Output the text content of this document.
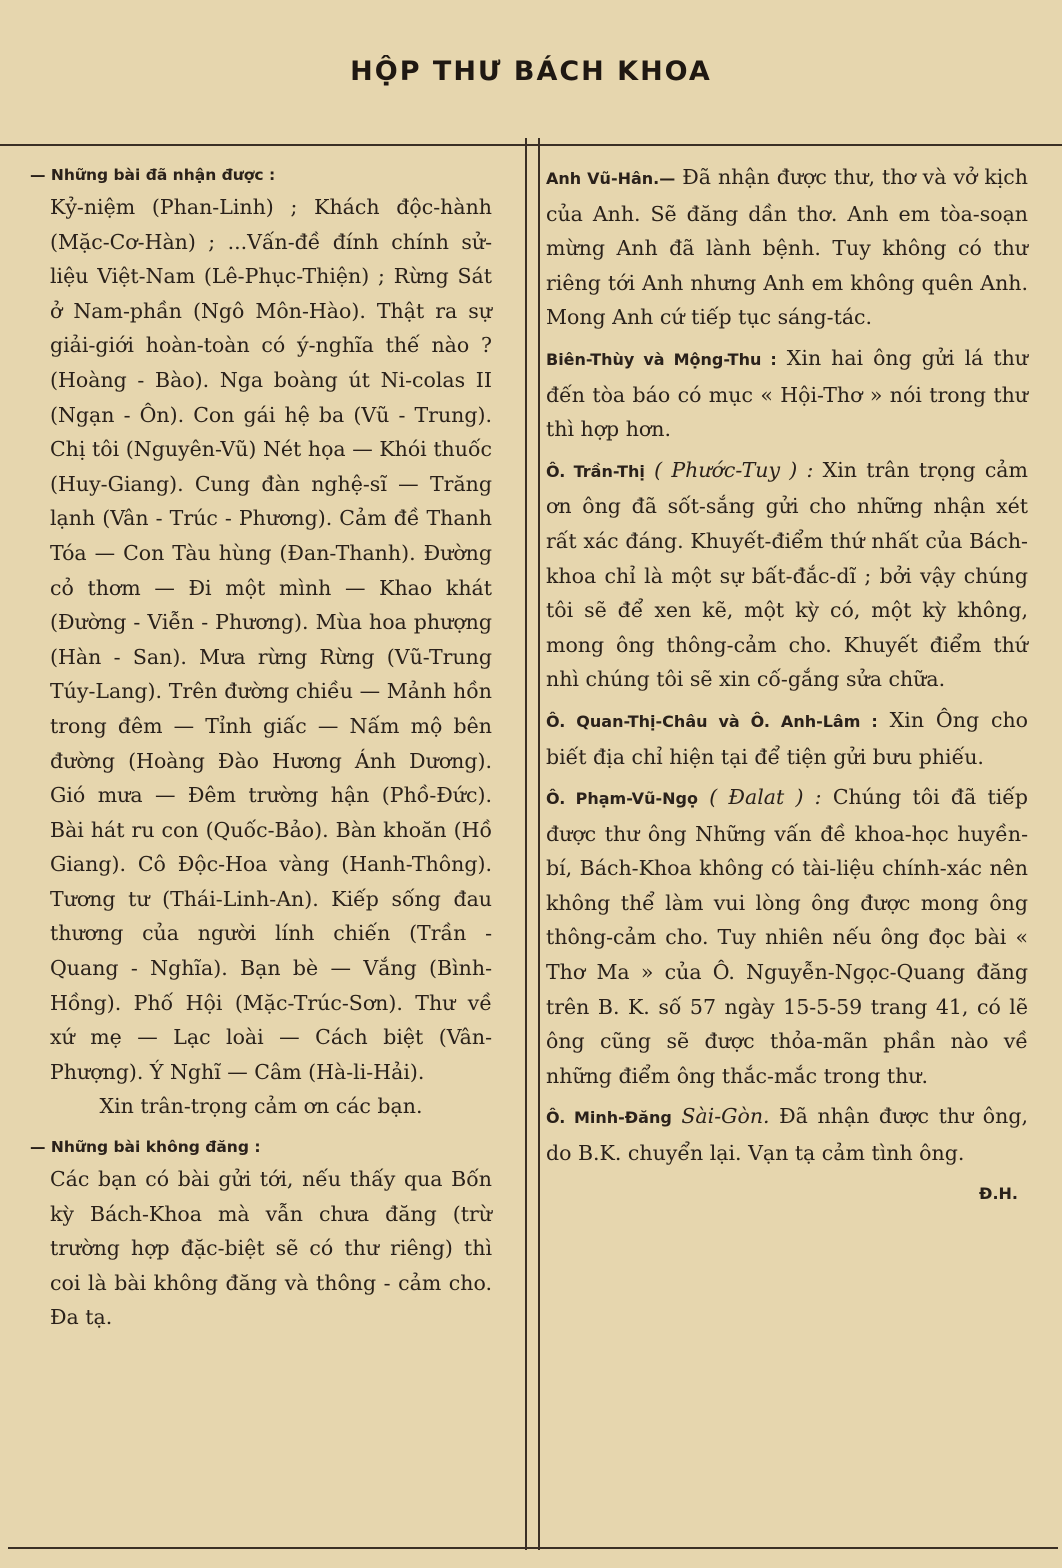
HỘP THƯ BÁCH KHOA
— Những bài đã nhận được :
Kỷ-niệm (Phan-Linh) ; Khách độc-hành (Mặc-Cơ-Hàn) ; ...Vấn-đề đính chính sử-liệu Việt-Nam (Lê-Phục-Thiện) ; Rừng Sát ở Nam-phần (Ngô Môn-Hào). Thật ra sự giải-giới hoàn-toàn có ý-nghĩa thế nào ? (Hoàng - Bào). Nga boàng út Ni-colas II (Ngạn - Ôn). Con gái hệ ba (Vũ - Trung). Chị tôi (Nguyên-Vũ) Nét họa — Khói thuốc (Huy-Giang). Cung đàn nghệ-sĩ — Trăng lạnh (Vân - Trúc - Phương). Cảm đề Thanh Tóa — Con Tàu hùng (Đan-Thanh). Đường cỏ thơm — Đi một mình — Khao khát (Đường - Viễn - Phương). Mùa hoa phượng (Hàn - San). Mưa rừng Rừng (Vũ-Trung Túy-Lang). Trên đường chiều — Mảnh hồn trong đêm — Tỉnh giấc — Nấm mộ bên đường (Hoàng Đào Hương Ánh Dương). Gió mưa — Đêm trường hận (Phồ-Đức). Bài hát ru con (Quốc-Bảo). Bàn khoăn (Hồ Giang). Cô Độc-Hoa vàng (Hanh-Thông). Tương tư (Thái-Linh-An). Kiếp sống đau thương của người lính chiến (Trần - Quang - Nghĩa). Bạn bè — Vắng (Bình-Hồng). Phố Hội (Mặc-Trúc-Sơn). Thư về xứ mẹ — Lạc loài — Cách biệt (Vân-Phượng). Ý Nghĩ — Câm (Hà-li-Hải).
Xin trân-trọng cảm ơn các bạn.
— Những bài không đăng :
Các bạn có bài gửi tới, nếu thấy qua Bốn kỳ Bách-Khoa mà vẫn chưa đăng (trừ trường hợp đặc-biệt sẽ có thư riêng) thì coi là bài không đăng và thông - cảm cho. Đa tạ.
Anh Vũ-Hân.— Đã nhận được thư, thơ và vở kịch của Anh. Sẽ đăng dần thơ. Anh em tòa-soạn mừng Anh đã lành bệnh. Tuy không có thư riêng tới Anh nhưng Anh em không quên Anh. Mong Anh cứ tiếp tục sáng-tác.
Biên-Thùy và Mộng-Thu : Xin hai ông gửi lá thư đến tòa báo có mục « Hội-Thơ » nói trong thư thì hợp hơn.
Ô. Trần-Thị ( Phước-Tuy ) : Xin trân trọng cảm ơn ông đã sốt-sắng gửi cho những nhận xét rất xác đáng. Khuyết-điểm thứ nhất của Bách-khoa chỉ là một sự bất-đắc-dĩ ; bởi vậy chúng tôi sẽ để xen kẽ, một kỳ có, một kỳ không, mong ông thông-cảm cho. Khuyết điểm thứ nhì chúng tôi sẽ xin cố-gắng sửa chữa.
Ô. Quan-Thị-Châu và Ô. Anh-Lâm : Xin Ông cho biết địa chỉ hiện tại để tiện gửi bưu phiếu.
Ô. Phạm-Vũ-Ngọ ( Đalat ) : Chúng tôi đã tiếp được thư ông Những vấn đề khoa-học huyền-bí, Bách-Khoa không có tài-liệu chính-xác nên không thể làm vui lòng ông được mong ông thông-cảm cho. Tuy nhiên nếu ông đọc bài « Thơ Ma » của Ô. Nguyễn-Ngọc-Quang đăng trên B. K. số 57 ngày 15-5-59 trang 41, có lẽ ông cũng sẽ được thỏa-mãn phần nào về những điểm ông thắc-mắc trong thư.
Ô. Minh-Đăng Sài-Gòn. Đã nhận được thư ông, do B.K. chuyển lại. Vạn tạ cảm tình ông.
Đ.H.
